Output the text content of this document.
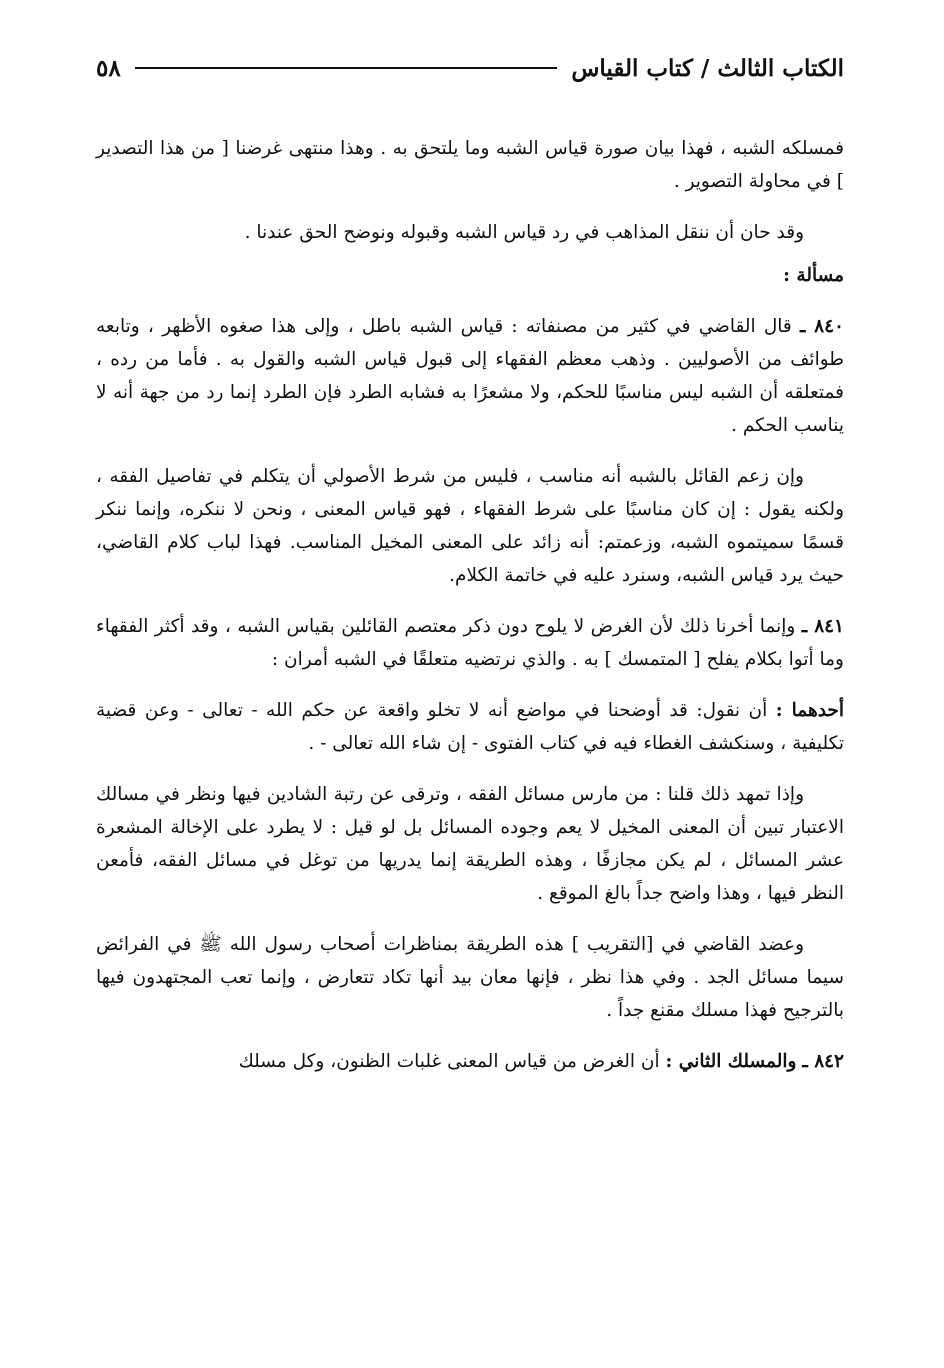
الكتاب الثالث / كتاب القياس
٥٨

فمسلكه الشبه ، فهذا بيان صورة قياس الشبه وما يلتحق به . وهذا منتهى غرضنا [ من هذا التصدير ] في محاولة التصوير .

وقد حان أن ننقل المذاهب في رد قياس الشبه وقبوله ونوضح الحق عندنا .

مسألة :

٨٤٠ ـ قال القاضي في كثير من مصنفاته : قياس الشبه باطل ، وإلى هذا صغوه الأظهر ، وتابعه طوائف من الأصوليين . وذهب معظم الفقهاء إلى قبول قياس الشبه والقول به . فأما من رده ، فمتعلقه أن الشبه ليس مناسبًا للحكم، ولا مشعرًا به فشابه الطرد فإن الطرد إنما رد من جهة أنه لا يناسب الحكم .

وإن زعم القائل بالشبه أنه مناسب ، فليس من شرط الأصولي أن يتكلم في تفاصيل الفقه ، ولكنه يقول : إن كان مناسبًا على شرط الفقهاء ، فهو قياس المعنى ، ونحن لا ننكره، وإنما ننكر قسمًا سميتموه الشبه، وزعمتم: أنه زائد على المعنى المخيل المناسب. فهذا لباب كلام القاضي، حيث يرد قياس الشبه، وسنرد عليه في خاتمة الكلام.

٨٤١ ـ وإنما أخرنا ذلك لأن الغرض لا يلوح دون ذكر معتصم القائلين بقياس الشبه ، وقد أكثر الفقهاء وما أتوا بكلام يفلح [ المتمسك ] به . والذي نرتضيه متعلقًا في الشبه أمران :

أحدهما : أن نقول: قد أوضحنا في مواضع أنه لا تخلو واقعة عن حكم الله - تعالى - وعن قضية تكليفية ، وسنكشف الغطاء فيه في كتاب الفتوى - إن شاء الله تعالى - .

وإذا تمهد ذلك قلنا : من مارس مسائل الفقه ، وترقى عن رتبة الشادين فيها ونظر في مسالك الاعتبار تبين أن المعنى المخيل لا يعم وجوده المسائل بل لو قيل : لا يطرد على الإخالة المشعرة عشر المسائل ، لم يكن مجازفًا ، وهذه الطريقة إنما يدريها من توغل في مسائل الفقه، فأمعن النظر فيها ، وهذا واضح جداً بالغ الموقع .

وعضد القاضي في [التقريب ] هذه الطريقة بمناظرات أصحاب رسول الله ﷺ في الفرائض سيما مسائل الجد . وفي هذا نظر ، فإنها معان بيد أنها تكاد تتعارض ، وإنما تعب المجتهدون فيها بالترجيح فهذا مسلك مقنع جداً .

٨٤٢ ـ والمسلك الثاني : أن الغرض من قياس المعنى غلبات الظنون، وكل مسلك
